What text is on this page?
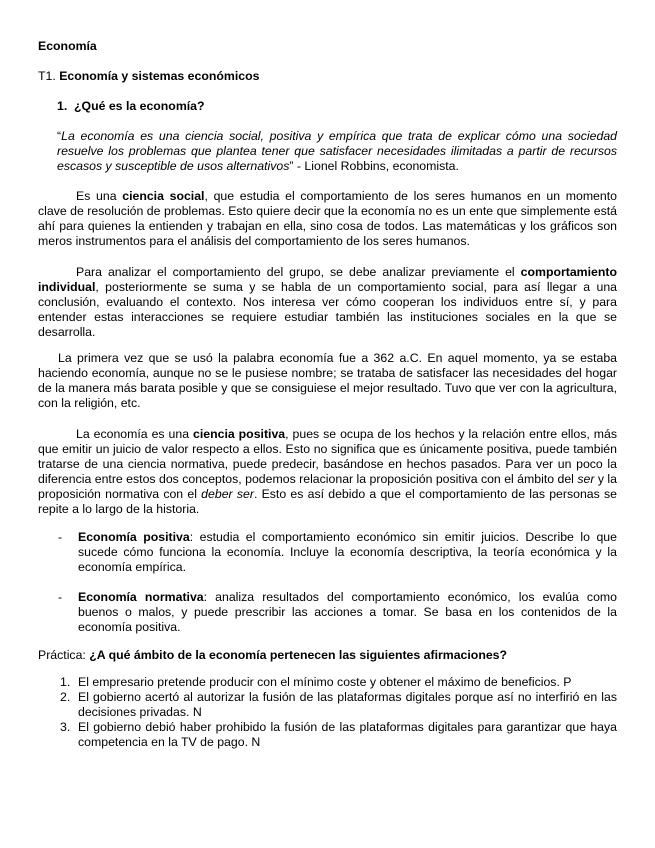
Economía
T1. Economía y sistemas económicos
1. ¿Qué es la economía?
“La economía es una ciencia social, positiva y empírica que trata de explicar cómo una sociedad resuelve los problemas que plantea tener que satisfacer necesidades ilimitadas a partir de recursos escasos y susceptible de usos alternativos” - Lionel Robbins, economista.
Es una ciencia social, que estudia el comportamiento de los seres humanos en un momento clave de resolución de problemas. Esto quiere decir que la economía no es un ente que simplemente está ahí para quienes la entienden y trabajan en ella, sino cosa de todos. Las matemáticas y los gráficos son meros instrumentos para el análisis del comportamiento de los seres humanos.
Para analizar el comportamiento del grupo, se debe analizar previamente el comportamiento individual, posteriormente se suma y se habla de un comportamiento social, para así llegar a una conclusión, evaluando el contexto. Nos interesa ver cómo cooperan los individuos entre sí, y para entender estas interacciones se requiere estudiar también las instituciones sociales en la que se desarrolla.
La primera vez que se usó la palabra economía fue a 362 a.C. En aquel momento, ya se estaba haciendo economía, aunque no se le pusiese nombre; se trataba de satisfacer las necesidades del hogar de la manera más barata posible y que se consiguiese el mejor resultado. Tuvo que ver con la agricultura, con la religión, etc.
La economía es una ciencia positiva, pues se ocupa de los hechos y la relación entre ellos, más que emitir un juicio de valor respecto a ellos. Esto no significa que es únicamente positiva, puede también tratarse de una ciencia normativa, puede predecir, basándose en hechos pasados. Para ver un poco la diferencia entre estos dos conceptos, podemos relacionar la proposición positiva con el ámbito del ser y la proposición normativa con el deber ser. Esto es así debido a que el comportamiento de las personas se repite a lo largo de la historia.
- Economía positiva: estudia el comportamiento económico sin emitir juicios. Describe lo que sucede cómo funciona la economía. Incluye la economía descriptiva, la teoría económica y la economía empírica.
- Economía normativa: analiza resultados del comportamiento económico, los evalúa como buenos o malos, y puede prescribir las acciones a tomar. Se basa en los contenidos de la economía positiva.
Práctica: ¿A qué ámbito de la economía pertenecen las siguientes afirmaciones?
1. El empresario pretende producir con el mínimo coste y obtener el máximo de beneficios. P
2. El gobierno acertó al autorizar la fusión de las plataformas digitales porque así no interfirió en las decisiones privadas. N
3. El gobierno debió haber prohibido la fusión de las plataformas digitales para garantizar que haya competencia en la TV de pago. N
